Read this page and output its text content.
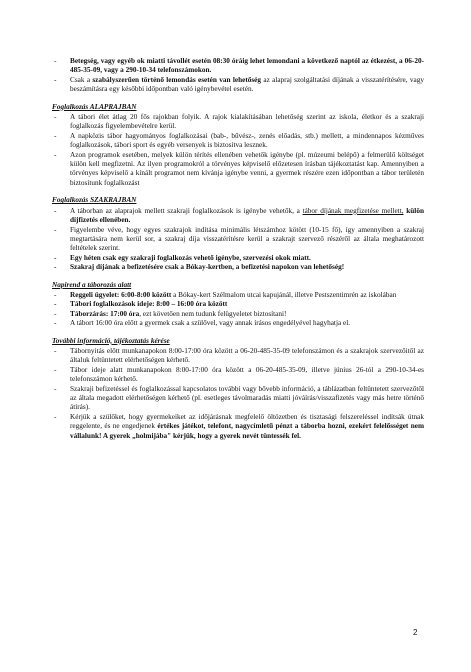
- Betegség, vagy egyéb ok miatti távollét esetén 08:30 óráig lehet lemondani a következő naptól az étkezést, a 06-20-485-35-09, vagy a 290-10-34 telefonszámokon.
- Csak a szabályszerűen történő lemondás esetén van lehetőség az alapraj szolgáltatási díjának a visszatérítésére, vagy beszámításra egy későbbi időpontban való igénybevétel esetén.
Foglalkozás ALAPRAJBAN
- A tábori élet átlag 20 fős rajokban folyik. A rajok kialakításában lehetőség szerint az iskola, életkor és a szakraji foglalkozás figyelembevételre kerül.
- A napközis tábor hagyományos foglalkozásai (bab-, bűvész-, zenés előadás, stb.) mellett, a mindennapos kézműves foglalkozások, tábori sport és egyéb versenyek is biztosítva lesznek.
- Azon programok esetében, melyek külön térítés ellenében vehetők igénybe (pl. múzeumi belépő) a felmerülő költséget külön kell megfizetni. Az ilyen programokról a törvényes képviselő előzetesen írásban tájékoztatást kap. Amennyiben a törvényes képviselő a kínált programot nem kívánja igénybe venni, a gyermek részére ezen időpontban a tábor területén biztosítunk foglalkozást
Foglalkozás SZAKRAJBAN
- A táborban az alaprajok mellett szakraji foglalkozások is igénybe vehetők, a tábor díjának megfizetése mellett, külön díjfizetés ellenében.
- Figyelembe véve, hogy egyes szakrajok indítása minimális létszámhoz kötött (10-15 fő), így amennyiben a szakraj megtartására nem kerül sor, a szakraj díja visszatérítésre kerül a szakrajt szervező részéről az általa meghatározott feltételek szerint.
- Egy héten csak egy szakraji foglalkozás vehető igénybe, szervezési okok miatt.
- Szakraj díjának a befizetésére csak a Bókay-kertben, a befizetési napokon van lehetőség!
Napirend a táborozás alatt
- Reggeli ügyelet: 6:00-8:00 között a Bókay-kert Szélmalom utcai kapujánál, illetve Pestszentimrén az iskolában
- Tábori foglalkozások ideje: 8:00 – 16:00 óra között
- Táborzárás: 17:00 óra, ezt követően nem tudunk felügyeletet biztosítani!
- A tábort 16:00 óra előtt a gyermek csak a szülővel, vagy annak írásos engedélyével hagyhatja el.
További információ, tájékoztatás kérése
- Tábornyitás előtt munkanapokon 8:00-17:00 óra között a 06-20-485-35-09 telefonszámon és a szakrajok szervezőitől az általuk feltüntetett elérhetőségen kérhető.
- Tábor ideje alatt munkanapokon 8:00-17:00 óra között a 06-20-485-35-09, illetve június 26-tól a 290-10-34-es telefonszámon kérhető.
- Szakraji befizetéssel és foglalkozással kapcsolatos további vagy bővebb információ, a táblázatban feltüntetett szervezőtől az általa megadott elérhetőségen kérhető (pl. esetleges távolmaradás miatti jóváírás/visszafizetés vagy más hetre történő átírás).
- Kérjük a szülőket, hogy gyermekeiket az időjárásnak megfelelő öltözetben és tisztasági felszereléssel indítsák útnak reggelente, és ne engedjenek értékes játékot, telefont, nagycímletű pénzt a táborba hozni, ezekért felelősséget nem vállalunk! A gyerek „holmijába" kérjük, hogy a gyerek nevét tüntessék fel.
2
